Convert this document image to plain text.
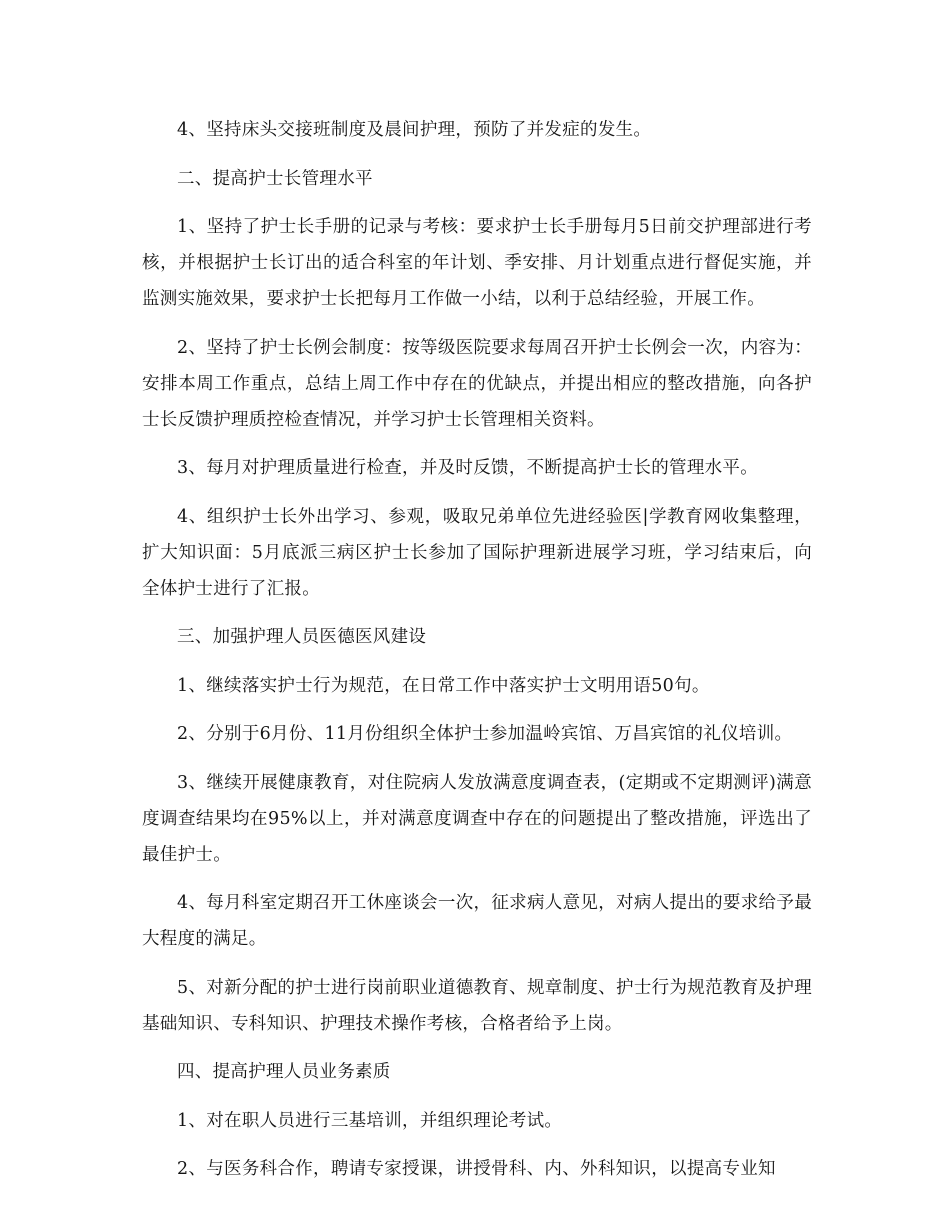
4、坚持床头交接班制度及晨间护理，预防了并发症的发生。

二、提高护士长管理水平

1、坚持了护士长手册的记录与考核：要求护士长手册每月5日前交护理部进行考核，并根据护士长订出的适合科室的年计划、季安排、月计划重点进行督促实施，并监测实施效果，要求护士长把每月工作做一小结，以利于总结经验，开展工作。

2、坚持了护士长例会制度：按等级医院要求每周召开护士长例会一次，内容为：安排本周工作重点，总结上周工作中存在的优缺点，并提出相应的整改措施，向各护士长反馈护理质控检查情况，并学习护士长管理相关资料。

3、每月对护理质量进行检查，并及时反馈，不断提高护士长的管理水平。

4、组织护士长外出学习、参观，吸取兄弟单位先进经验医|学教育网收集整理，扩大知识面：5月底派三病区护士长参加了国际护理新进展学习班，学习结束后，向全体护士进行了汇报。

三、加强护理人员医德医风建设

1、继续落实护士行为规范，在日常工作中落实护士文明用语50句。

2、分别于6月份、11月份组织全体护士参加温岭宾馆、万昌宾馆的礼仪培训。

3、继续开展健康教育，对住院病人发放满意度调查表，(定期或不定期测评)满意度调查结果均在95%以上，并对满意度调查中存在的问题提出了整改措施，评选出了最佳护士。

4、每月科室定期召开工休座谈会一次，征求病人意见，对病人提出的要求给予最大程度的满足。

5、对新分配的护士进行岗前职业道德教育、规章制度、护士行为规范教育及护理基础知识、专科知识、护理技术操作考核，合格者给予上岗。

四、提高护理人员业务素质

1、对在职人员进行三基培训，并组织理论考试。

2、与医务科合作，聘请专家授课，讲授骨科、内、外科知识，以提高专业知
